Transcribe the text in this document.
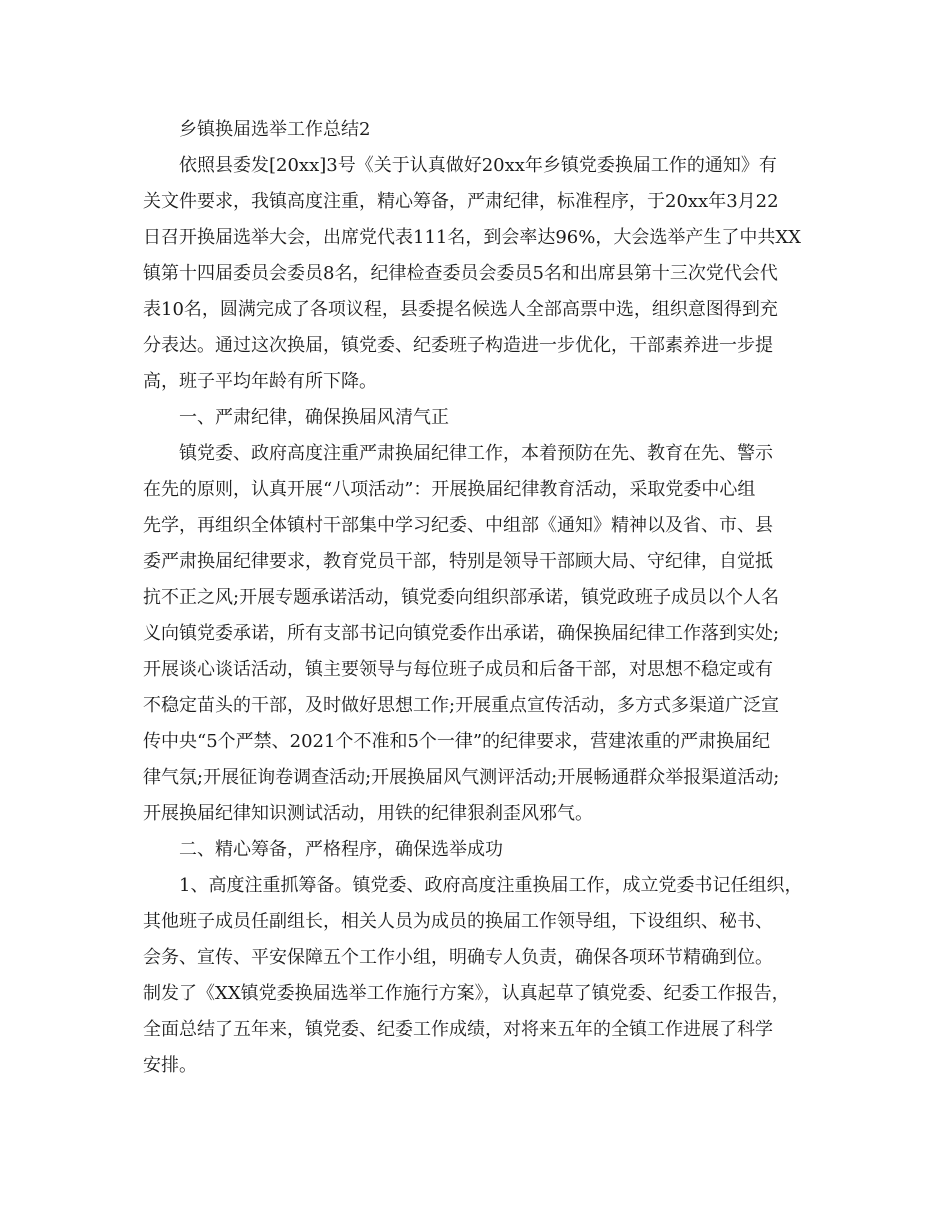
乡镇换届选举工作总结2
依照县委发[20xx]3号《关于认真做好20xx年乡镇党委换届工作的通知》有
关文件要求，我镇高度注重，精心筹备，严肃纪律，标准程序，于20xx年3月22
日召开换届选举大会，出席党代表111名，到会率达96%，大会选举产生了中共XX
镇第十四届委员会委员8名，纪律检查委员会委员5名和出席县第十三次党代会代
表10名，圆满完成了各项议程，县委提名候选人全部高票中选，组织意图得到充
分表达。通过这次换届，镇党委、纪委班子构造进一步优化，干部素养进一步提
高，班子平均年龄有所下降。
一、严肃纪律，确保换届风清气正
镇党委、政府高度注重严肃换届纪律工作，本着预防在先、教育在先、警示
在先的原则，认真开展“八项活动”：开展换届纪律教育活动，采取党委中心组
先学，再组织全体镇村干部集中学习纪委、中组部《通知》精神以及省、市、县
委严肃换届纪律要求，教育党员干部，特别是领导干部顾大局、守纪律，自觉抵
抗不正之风;开展专题承诺活动，镇党委向组织部承诺，镇党政班子成员以个人名
义向镇党委承诺，所有支部书记向镇党委作出承诺，确保换届纪律工作落到实处;
开展谈心谈话活动，镇主要领导与每位班子成员和后备干部，对思想不稳定或有
不稳定苗头的干部，及时做好思想工作;开展重点宣传活动，多方式多渠道广泛宣
传中央“5个严禁、2021个不准和5个一律”的纪律要求，营建浓重的严肃换届纪
律气氛;开展征询卷调查活动;开展换届风气测评活动;开展畅通群众举报渠道活动;
开展换届纪律知识测试活动，用铁的纪律狠刹歪风邪气。
二、精心筹备，严格程序，确保选举成功
1、高度注重抓筹备。镇党委、政府高度注重换届工作，成立党委书记任组织，
其他班子成员任副组长，相关人员为成员的换届工作领导组，下设组织、秘书、
会务、宣传、平安保障五个工作小组，明确专人负责，确保各项环节精确到位。
制发了《XX镇党委换届选举工作施行方案》，认真起草了镇党委、纪委工作报告，
全面总结了五年来，镇党委、纪委工作成绩，对将来五年的全镇工作进展了科学
安排。
